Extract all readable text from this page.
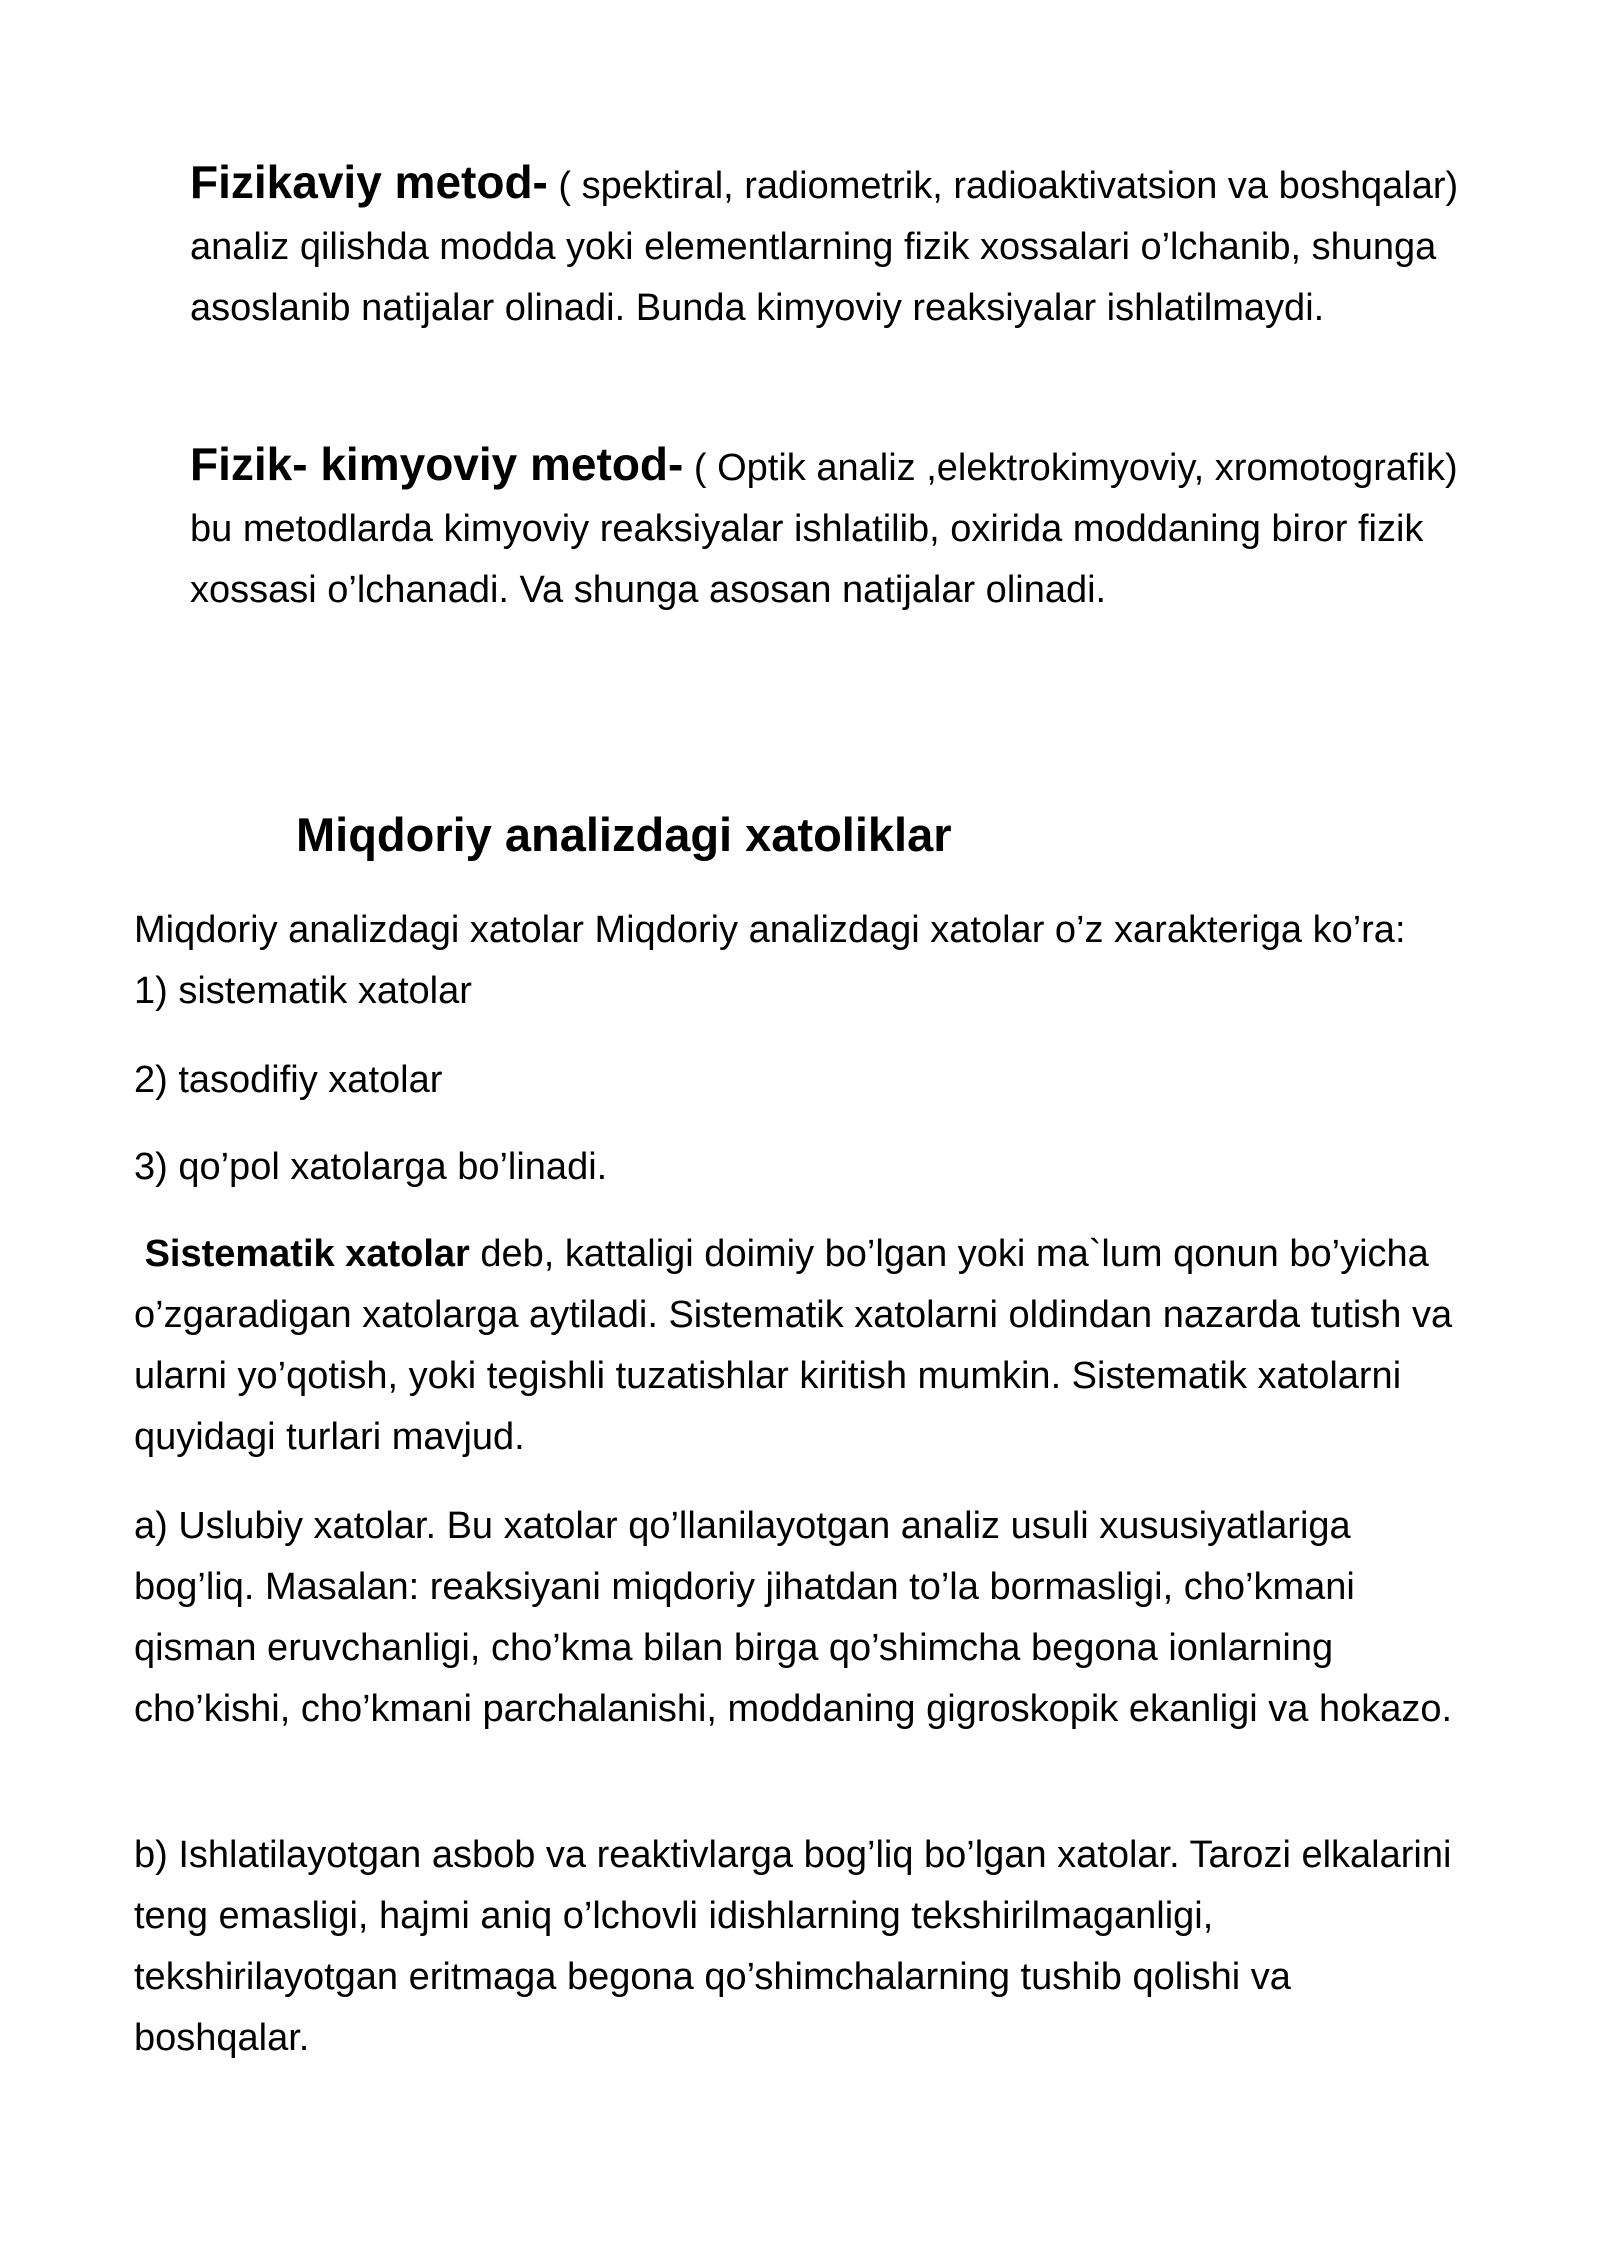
Fizikaviy metod- ( spektiral, radiometrik, radioaktivatsion va boshqalar) analiz qilishda modda yoki elementlarning fizik xossalari o’lchanib, shunga asoslanib natijalar olinadi. Bunda kimyoviy reaksiyalar ishlatilmaydi.

Fizik- kimyoviy metod- ( Optik analiz ,elektrokimyoviy, xromotografik) bu metodlarda kimyoviy reaksiyalar ishlatilib, oxirida moddaning biror fizik xossasi o’lchanadi. Va shunga asosan natijalar olinadi.

Miqdoriy analizdagi xatoliklar

Miqdoriy analizdagi xatolar Miqdoriy analizdagi xatolar o’z xarakteriga ko’ra:

1) sistematik xatolar

2) tasodifiy xatolar

3) qo’pol xatolarga bo’linadi.

Sistematik xatolar deb, kattaligi doimiy bo’lgan yoki ma`lum qonun bo’yicha o’zgaradigan xatolarga aytiladi. Sistematik xatolarni oldindan nazarda tutish va ularni yo’qotish, yoki tegishli tuzatishlar kiritish mumkin. Sistematik xatolarni quyidagi turlari mavjud.

a) Uslubiy xatolar. Bu xatolar qo’llanilayotgan analiz usuli xususiyatlariga bog’liq. Masalan: reaksiyani miqdoriy jihatdan to’la bormasligi, cho’kmani qisman eruvchanligi, cho’kma bilan birga qo’shimcha begona ionlarning cho’kishi, cho’kmani parchalanishi, moddaning gigroskopik ekanligi va hokazo.

b) Ishlatilayotgan asbob va reaktivlarga bog’liq bo’lgan xatolar. Tarozi elkalarini teng emasligi, hajmi aniq o’lchovli idishlarning tekshirilmaganligi, tekshirilayotgan eritmaga begona qo’shimchalarning tushib qolishi va boshqalar.
